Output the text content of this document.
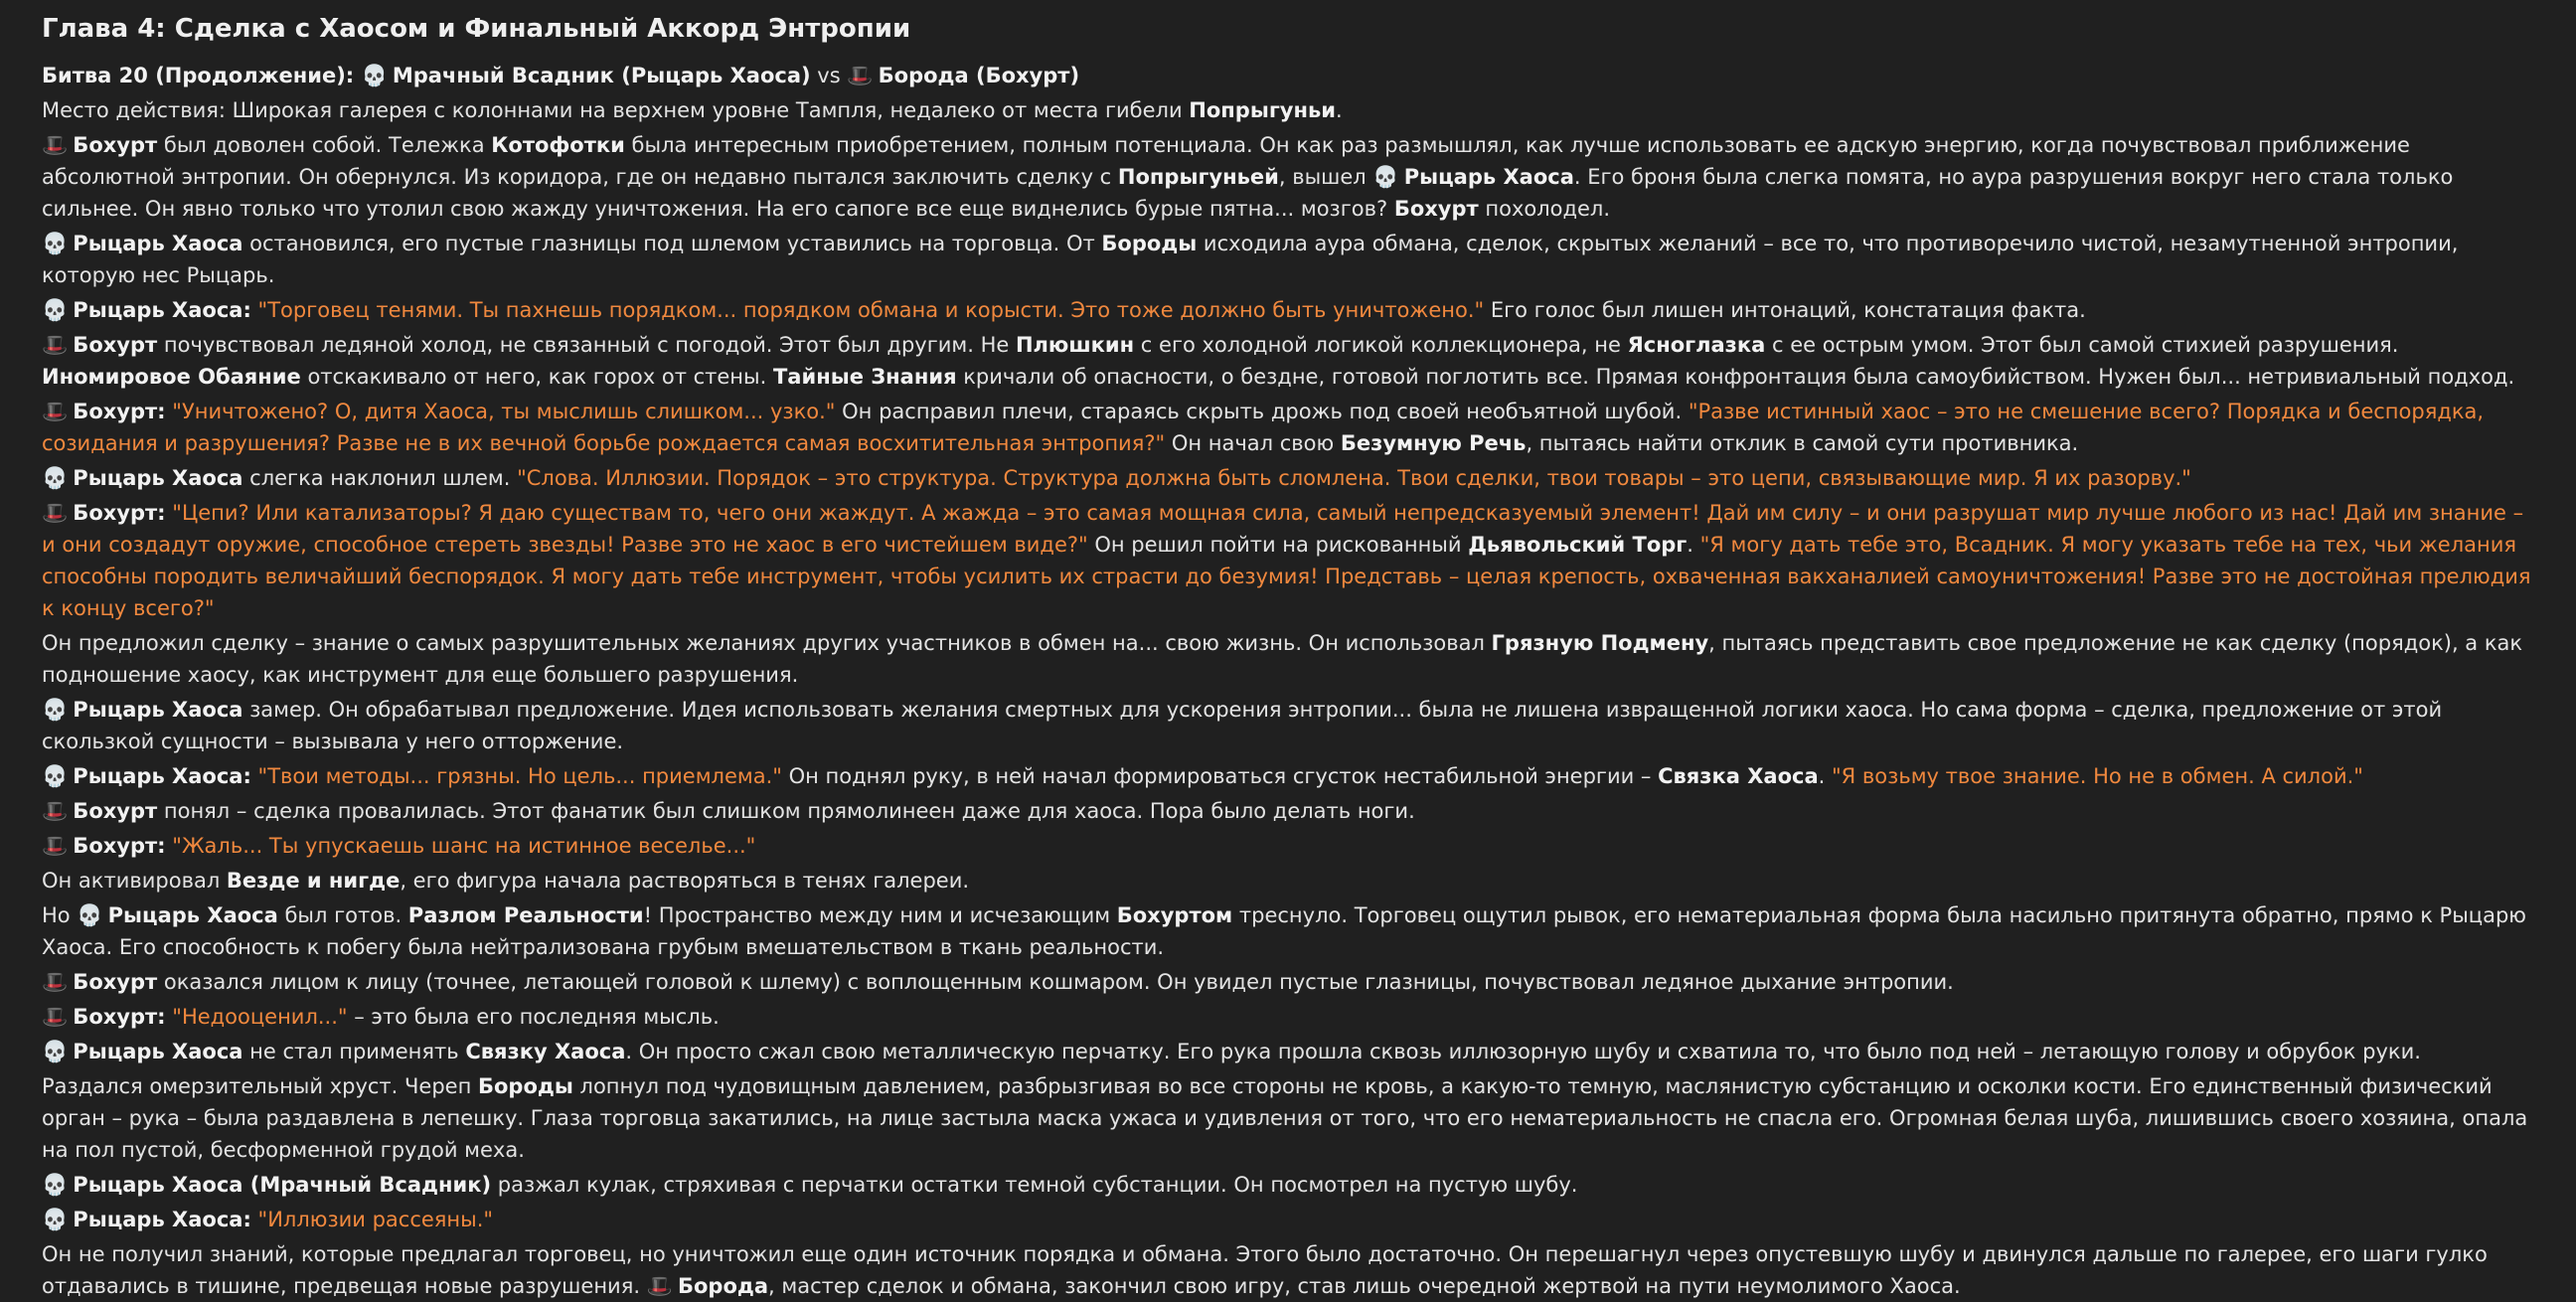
Глава 4: Сделка с Хаосом и Финальный Аккорд Энтропии

Битва 20 (Продолжение): 💀 Мрачный Всадник (Рыцарь Хаоса) vs 🎩 Борода (Бохурт)

Место действия: Широкая галерея с колоннами на верхнем уровне Тампля, недалеко от места гибели Попрыгуньи.

🎩 Бохурт был доволен собой. Тележка Котофотки была интересным приобретением, полным потенциала. Он как раз размышлял, как лучше использовать ее адскую энергию, когда почувствовал приближение абсолютной энтропии. Он обернулся. Из коридора, где он недавно пытался заключить сделку с Попрыгуньей, вышел 💀 Рыцарь Хаоса. Его броня была слегка помята, но аура разрушения вокруг него стала только сильнее. Он явно только что утолил свою жажду уничтожения. На его сапоге все еще виднелись бурые пятна... мозгов? Бохурт похолодел.

💀 Рыцарь Хаоса остановился, его пустые глазницы под шлемом уставились на торговца. От Бороды исходила аура обмана, сделок, скрытых желаний – все то, что противоречило чистой, незамутненной энтропии, которую нес Рыцарь.

💀 Рыцарь Хаоса: "Торговец тенями. Ты пахнешь порядком... порядком обмана и корысти. Это тоже должно быть уничтожено." Его голос был лишен интонаций, констатация факта.

🎩 Бохурт почувствовал ледяной холод, не связанный с погодой. Этот был другим. Не Плюшкин с его холодной логикой коллекционера, не Ясноглазка с ее острым умом. Этот был самой стихией разрушения. Иномировое Обаяние отскакивало от него, как горох от стены. Тайные Знания кричали об опасности, о бездне, готовой поглотить все. Прямая конфронтация была самоубийством. Нужен был... нетривиальный подход.

🎩 Бохурт: "Уничтожено? О, дитя Хаоса, ты мыслишь слишком... узко." Он расправил плечи, стараясь скрыть дрожь под своей необъятной шубой. "Разве истинный хаос – это не смешение всего? Порядка и беспорядка, созидания и разрушения? Разве не в их вечной борьбе рождается самая восхитительная энтропия?" Он начал свою Безумную Речь, пытаясь найти отклик в самой сути противника.

💀 Рыцарь Хаоса слегка наклонил шлем. "Слова. Иллюзии. Порядок – это структура. Структура должна быть сломлена. Твои сделки, твои товары – это цепи, связывающие мир. Я их разорву."

🎩 Бохурт: "Цепи? Или катализаторы? Я даю существам то, чего они жаждут. А жажда – это самая мощная сила, самый непредсказуемый элемент! Дай им силу – и они разрушат мир лучше любого из нас! Дай им знание – и они создадут оружие, способное стереть звезды! Разве это не хаос в его чистейшем виде?" Он решил пойти на рискованный Дьявольский Торг. "Я могу дать тебе это, Всадник. Я могу указать тебе на тех, чьи желания способны породить величайший беспорядок. Я могу дать тебе инструмент, чтобы усилить их страсти до безумия! Представь – целая крепость, охваченная вакханалией самоуничтожения! Разве это не достойная прелюдия к концу всего?"

Он предложил сделку – знание о самых разрушительных желаниях других участников в обмен на... свою жизнь. Он использовал Грязную Подмену, пытаясь представить свое предложение не как сделку (порядок), а как подношение хаосу, как инструмент для еще большего разрушения.

💀 Рыцарь Хаоса замер. Он обрабатывал предложение. Идея использовать желания смертных для ускорения энтропии... была не лишена извращенной логики хаоса. Но сама форма – сделка, предложение от этой скользкой сущности – вызывала у него отторжение.

💀 Рыцарь Хаоса: "Твои методы... грязны. Но цель... приемлема." Он поднял руку, в ней начал формироваться сгусток нестабильной энергии – Связка Хаоса. "Я возьму твое знание. Но не в обмен. А силой."

🎩 Бохурт понял – сделка провалилась. Этот фанатик был слишком прямолинеен даже для хаоса. Пора было делать ноги.

🎩 Бохурт: "Жаль... Ты упускаешь шанс на истинное веселье..."

Он активировал Везде и нигде, его фигура начала растворяться в тенях галереи.

Но 💀 Рыцарь Хаоса был готов. Разлом Реальности! Пространство между ним и исчезающим Бохуртом треснуло. Торговец ощутил рывок, его нематериальная форма была насильно притянута обратно, прямо к Рыцарю Хаоса. Его способность к побегу была нейтрализована грубым вмешательством в ткань реальности.

🎩 Бохурт оказался лицом к лицу (точнее, летающей головой к шлему) с воплощенным кошмаром. Он увидел пустые глазницы, почувствовал ледяное дыхание энтропии.

🎩 Бохурт: "Недооценил..." – это была его последняя мысль.

💀 Рыцарь Хаоса не стал применять Связку Хаоса. Он просто сжал свою металлическую перчатку. Его рука прошла сквозь иллюзорную шубу и схватила то, что было под ней – летающую голову и обрубок руки.

Раздался омерзительный хруст. Череп Бороды лопнул под чудовищным давлением, разбрызгивая во все стороны не кровь, а какую-то темную, маслянистую субстанцию и осколки кости. Его единственный физический орган – рука – была раздавлена в лепешку. Глаза торговца закатились, на лице застыла маска ужаса и удивления от того, что его нематериальность не спасла его. Огромная белая шуба, лишившись своего хозяина, опала на пол пустой, бесформенной грудой меха.

💀 Рыцарь Хаоса (Мрачный Всадник) разжал кулак, стряхивая с перчатки остатки темной субстанции. Он посмотрел на пустую шубу.

💀 Рыцарь Хаоса: "Иллюзии рассеяны."

Он не получил знаний, которые предлагал торговец, но уничтожил еще один источник порядка и обмана. Этого было достаточно. Он перешагнул через опустевшую шубу и двинулся дальше по галерее, его шаги гулко отдавались в тишине, предвещая новые разрушения. 🎩 Борода, мастер сделок и обмана, закончил свою игру, став лишь очередной жертвой на пути неумолимого Хаоса.
